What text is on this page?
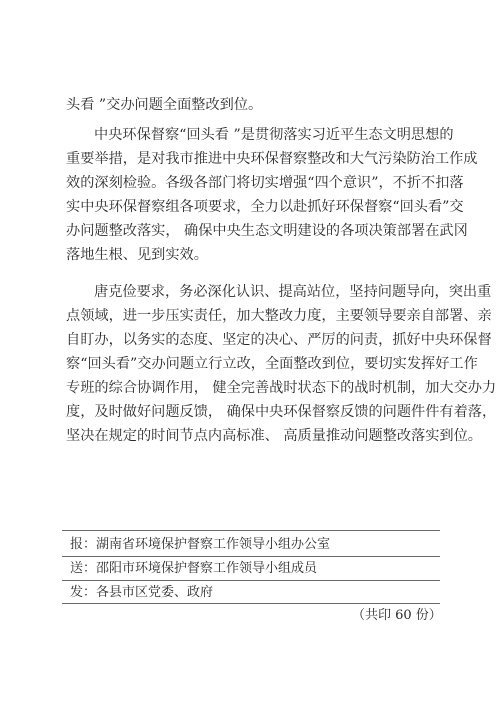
头看 ”交办问题全面整改到位。
中央环保督察“回头看 ”是贯彻落实习近平生态文明思想的
重要举措，是对我市推进中央环保督察整改和大气污染防治工作成
效的深刻检验。各级各部门将切实增强“四个意识”，不折不扣落
实中央环保督察组各项要求，全力以赴抓好环保督察“回头看”交
办问题整改落实， 确保中央生态文明建设的各项决策部署在武冈
落地生根、见到实效。
唐克俭要求，务必深化认识、提高站位，坚持问题导向，突出重
点领域，进一步压实责任，加大整改力度，主要领导要亲自部署、亲
自盯办，以务实的态度、坚定的决心、严厉的问责，抓好中央环保督
察“回头看”交办问题立行立改，全面整改到位，要切实发挥好工作
专班的综合协调作用， 健全完善战时状态下的战时机制，加大交办力
度，及时做好问题反馈， 确保中央环保督察反馈的问题件件有着落，
坚决在规定的时间节点内高标准、 高质量推动问题整改落实到位。
报：湖南省环境保护督察工作领导小组办公室
送：邵阳市环境保护督察工作领导小组成员
发：各县市区党委、政府
（共印 60 份）
